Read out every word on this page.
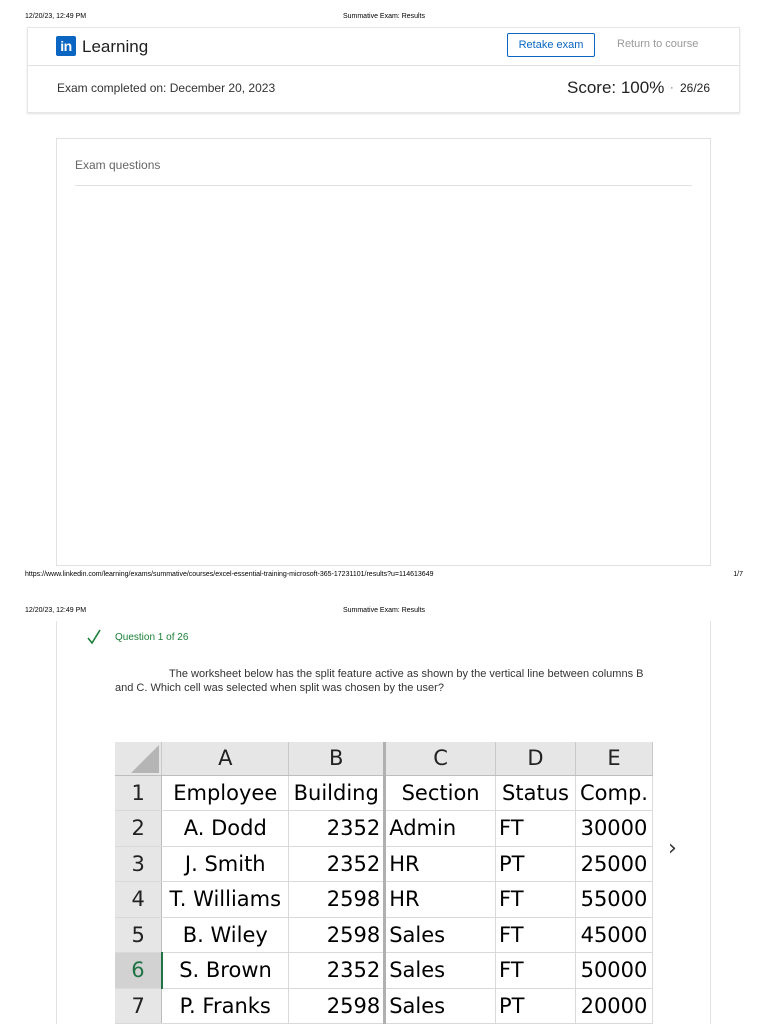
12/20/23, 12:49 PM	Summative Exam: Results
in Learning	Retake exam	Return to course
Exam completed on: December 20, 2023	Score: 100% · 26/26
Exam questions
https://www.linkedin.com/learning/exams/summative/courses/excel-essential-training-microsoft-365-17231101/results?u=114613649	1/7
12/20/23, 12:49 PM	Summative Exam: Results
Question 1 of 26
The worksheet below has the split feature active as shown by the vertical line between columns B and C. Which cell was selected when split was chosen by the user?
›
	A	B	C	D	E
1	Employee	Building	Section	Status	Comp.
2	A. Dodd	2352	Admin	FT	30000
3	J. Smith	2352	HR	PT	25000
4	T. Williams	2598	HR	FT	55000
5	B. Wiley	2598	Sales	FT	45000
6	S. Brown	2352	Sales	FT	50000
7	P. Franks	2598	Sales	PT	20000
